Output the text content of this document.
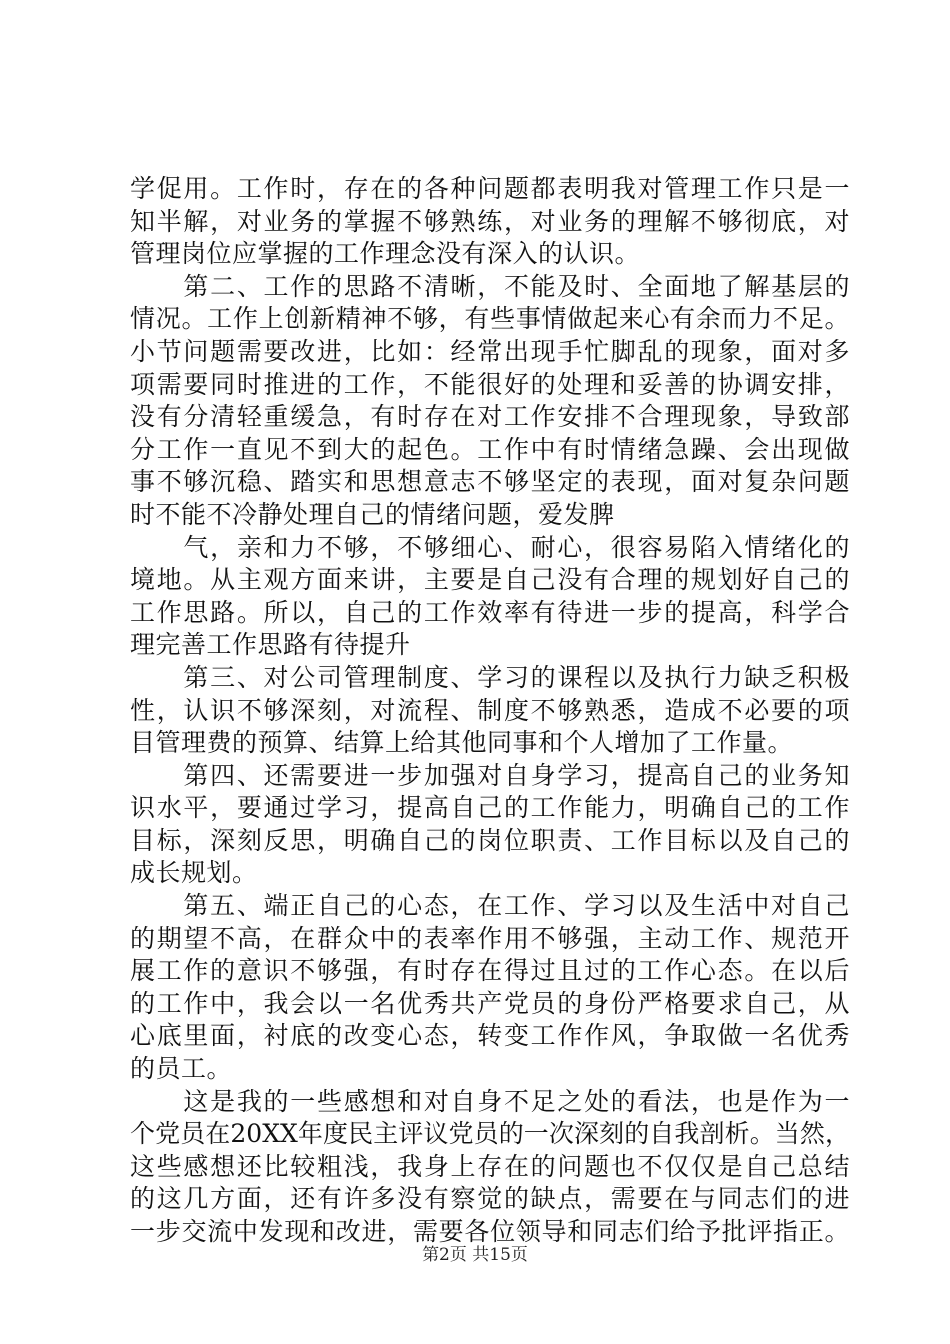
学促用。工作时，存在的各种问题都表明我对管理工作只是一
知半解，对业务的掌握不够熟练，对业务的理解不够彻底，对
管理岗位应掌握的工作理念没有深入的认识。
　　第二、工作的思路不清晰，不能及时、全面地了解基层的
情况。工作上创新精神不够，有些事情做起来心有余而力不足。
小节问题需要改进，比如：经常出现手忙脚乱的现象，面对多
项需要同时推进的工作，不能很好的处理和妥善的协调安排，
没有分清轻重缓急，有时存在对工作安排不合理现象，导致部
分工作一直见不到大的起色。工作中有时情绪急躁、会出现做
事不够沉稳、踏实和思想意志不够坚定的表现，面对复杂问题
时不能不冷静处理自己的情绪问题，爱发脾
　　气，亲和力不够，不够细心、耐心，很容易陷入情绪化的
境地。从主观方面来讲，主要是自己没有合理的规划好自己的
工作思路。所以，自己的工作效率有待进一步的提高，科学合
理完善工作思路有待提升
　　第三、对公司管理制度、学习的课程以及执行力缺乏积极
性，认识不够深刻，对流程、制度不够熟悉，造成不必要的项
目管理费的预算、结算上给其他同事和个人增加了工作量。
　　第四、还需要进一步加强对自身学习，提高自己的业务知
识水平，要通过学习，提高自己的工作能力，明确自己的工作
目标，深刻反思，明确自己的岗位职责、工作目标以及自己的
成长规划。
　　第五、端正自己的心态，在工作、学习以及生活中对自己
的期望不高，在群众中的表率作用不够强，主动工作、规范开
展工作的意识不够强，有时存在得过且过的工作心态。在以后
的工作中，我会以一名优秀共产党员的身份严格要求自己，从
心底里面，衬底的改变心态，转变工作作风，争取做一名优秀
的员工。
　　这是我的一些感想和对自身不足之处的看法，也是作为一
个党员在20XX年度民主评议党员的一次深刻的自我剖析。当然，
这些感想还比较粗浅，我身上存在的问题也不仅仅是自己总结
的这几方面，还有许多没有察觉的缺点，需要在与同志们的进
一步交流中发现和改进，需要各位领导和同志们给予批评指正。
第2页 共15页
